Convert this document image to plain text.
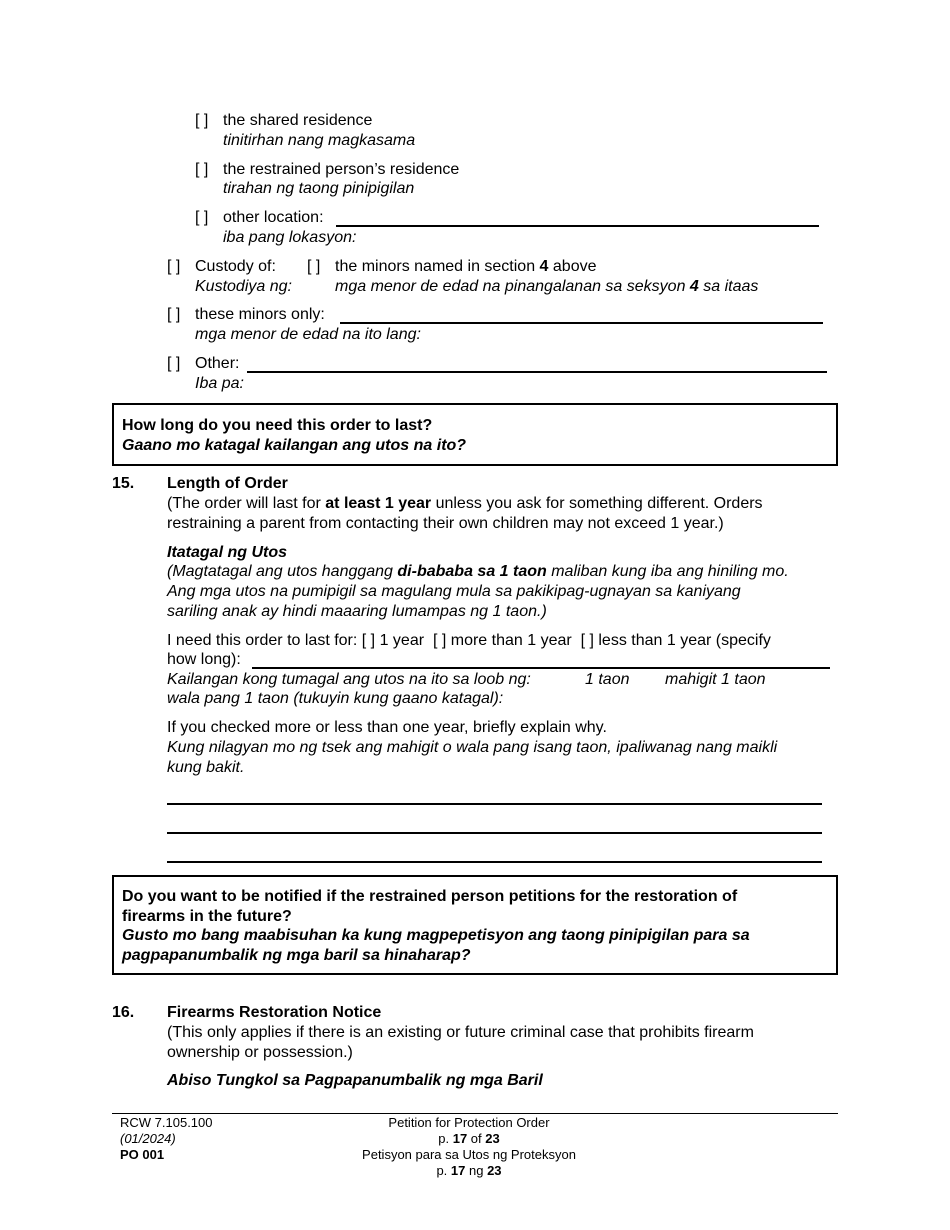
[ ] the shared residence
tinitirhan nang magkasama
[ ] the restrained person’s residence
tirahan ng taong pinipigilan
[ ] other location:
iba pang lokasyon:
[ ] Custody of: [ ] the minors named in section 4 above
Kustodiya ng:	mga menor de edad na pinangalanan sa seksyon 4 sa itaas
[ ] these minors only:
mga menor de edad na ito lang:
[ ] Other:
Iba pa:
How long do you need this order to last?
Gaano mo katagal kailangan ang utos na ito?
15. Length of Order
(The order will last for at least 1 year unless you ask for something different. Orders
restraining a parent from contacting their own children may not exceed 1 year.)
Itatagal ng Utos
(Magtatagal ang utos hanggang di-bababa sa 1 taon maliban kung iba ang hiniling mo.
Ang mga utos na pumipigil sa magulang mula sa pakikipag-ugnayan sa kaniyang
sariling anak ay hindi maaaring lumampas ng 1 taon.)
I need this order to last for: [ ] 1 year [ ] more than 1 year [ ] less than 1 year (specify
how long):
Kailangan kong tumagal ang utos na ito sa loob ng:	1 taon mahigit 1 taon
wala pang 1 taon (tukuyin kung gaano katagal):
If you checked more or less than one year, briefly explain why.
Kung nilagyan mo ng tsek ang mahigit o wala pang isang taon, ipaliwanag nang maikli
kung bakit.
Do you want to be notified if the restrained person petitions for the restoration of
firearms in the future?
Gusto mo bang maabisuhan ka kung magpepetisyon ang taong pinipigilan para sa
pagpapanumbalik ng mga baril sa hinaharap?
16. Firearms Restoration Notice
(This only applies if there is an existing or future criminal case that prohibits firearm
ownership or possession.)
Abiso Tungkol sa Pagpapanumbalik ng mga Baril
RCW 7.105.100
(01/2024)
PO 001
Petition for Protection Order
p. 17 of 23
Petisyon para sa Utos ng Proteksyon
p. 17 ng 23
